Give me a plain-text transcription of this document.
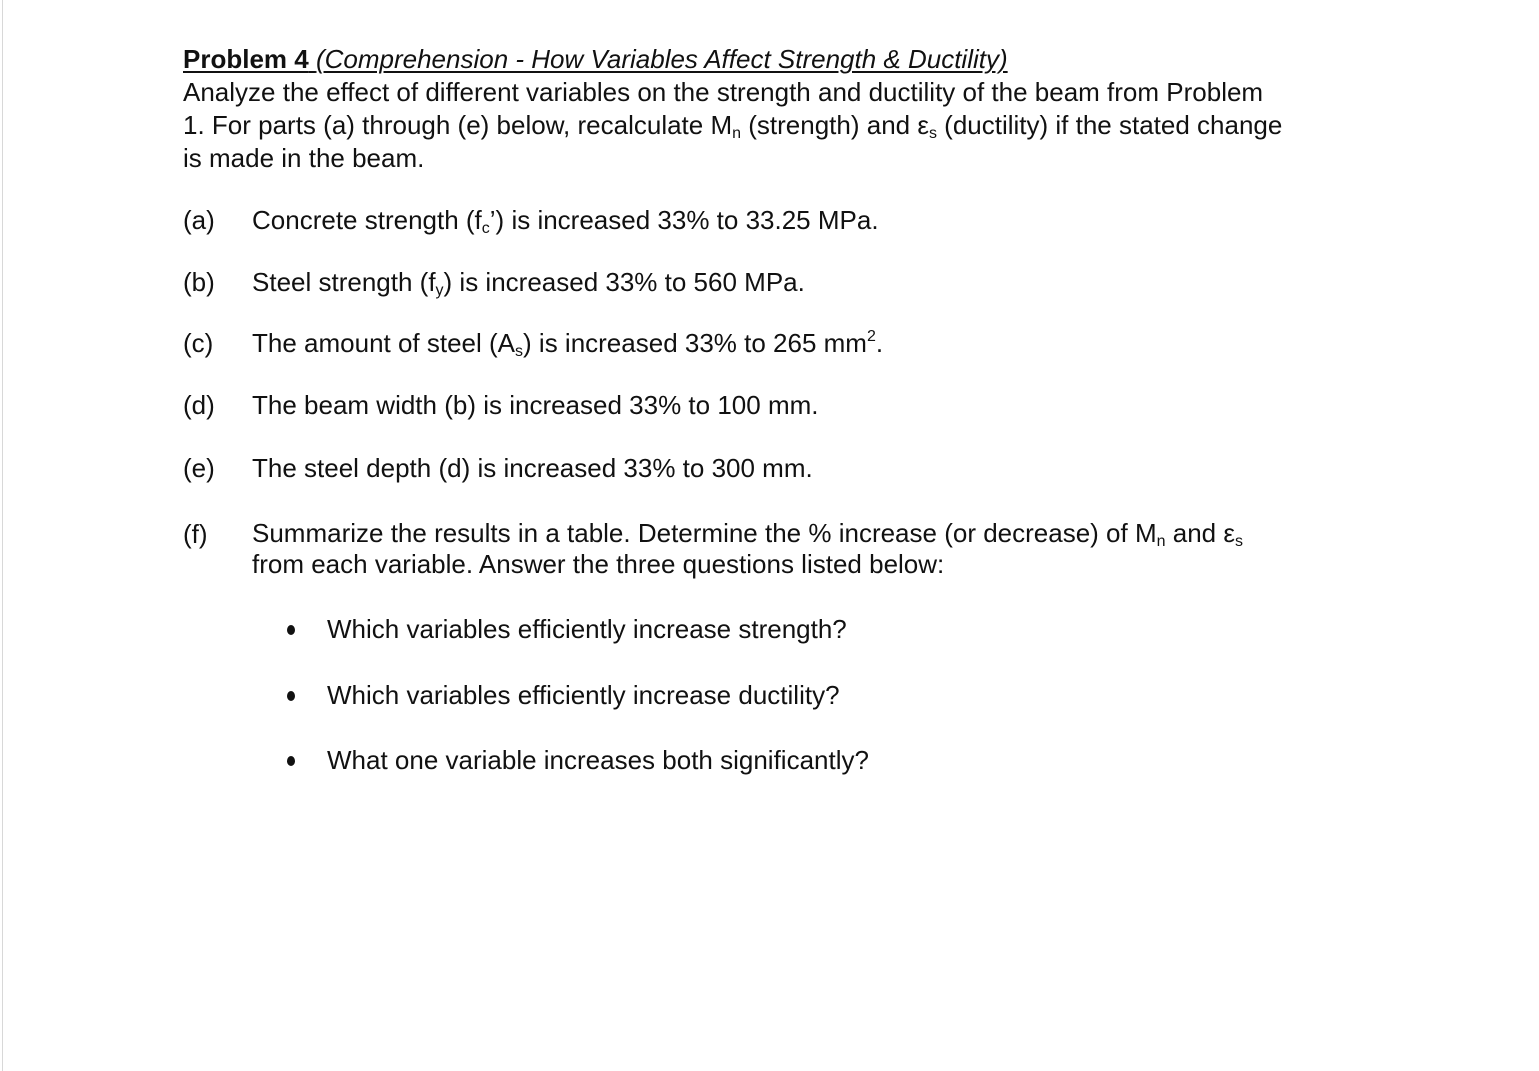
Problem 4 (Comprehension - How Variables Affect Strength & Ductility)

Analyze the effect of different variables on the strength and ductility of the beam from Problem
1. For parts (a) through (e) below, recalculate $M_n$ (strength) and $\varepsilon_s$ (ductility) if the stated change
is made in the beam.

(a) Concrete strength $(f_c’)$ is increased 33% to 33.25 MPa.
(b) Steel strength $(f_y)$ is increased 33% to 560 MPa.
(c) The amount of steel $(A_s)$ is increased 33% to 265 $mm^2$.
(d) The beam width (b) is increased 33% to 100 mm.
(e) The steel depth (d) is increased 33% to 300 mm.
(f) Summarize the results in a table. Determine the % increase (or decrease) of $M_n$ and $\varepsilon_s$
from each variable. Answer the three questions listed below:
Which variables efficiently increase strength?
Which variables efficiently increase ductility?
What one variable increases both significantly?
